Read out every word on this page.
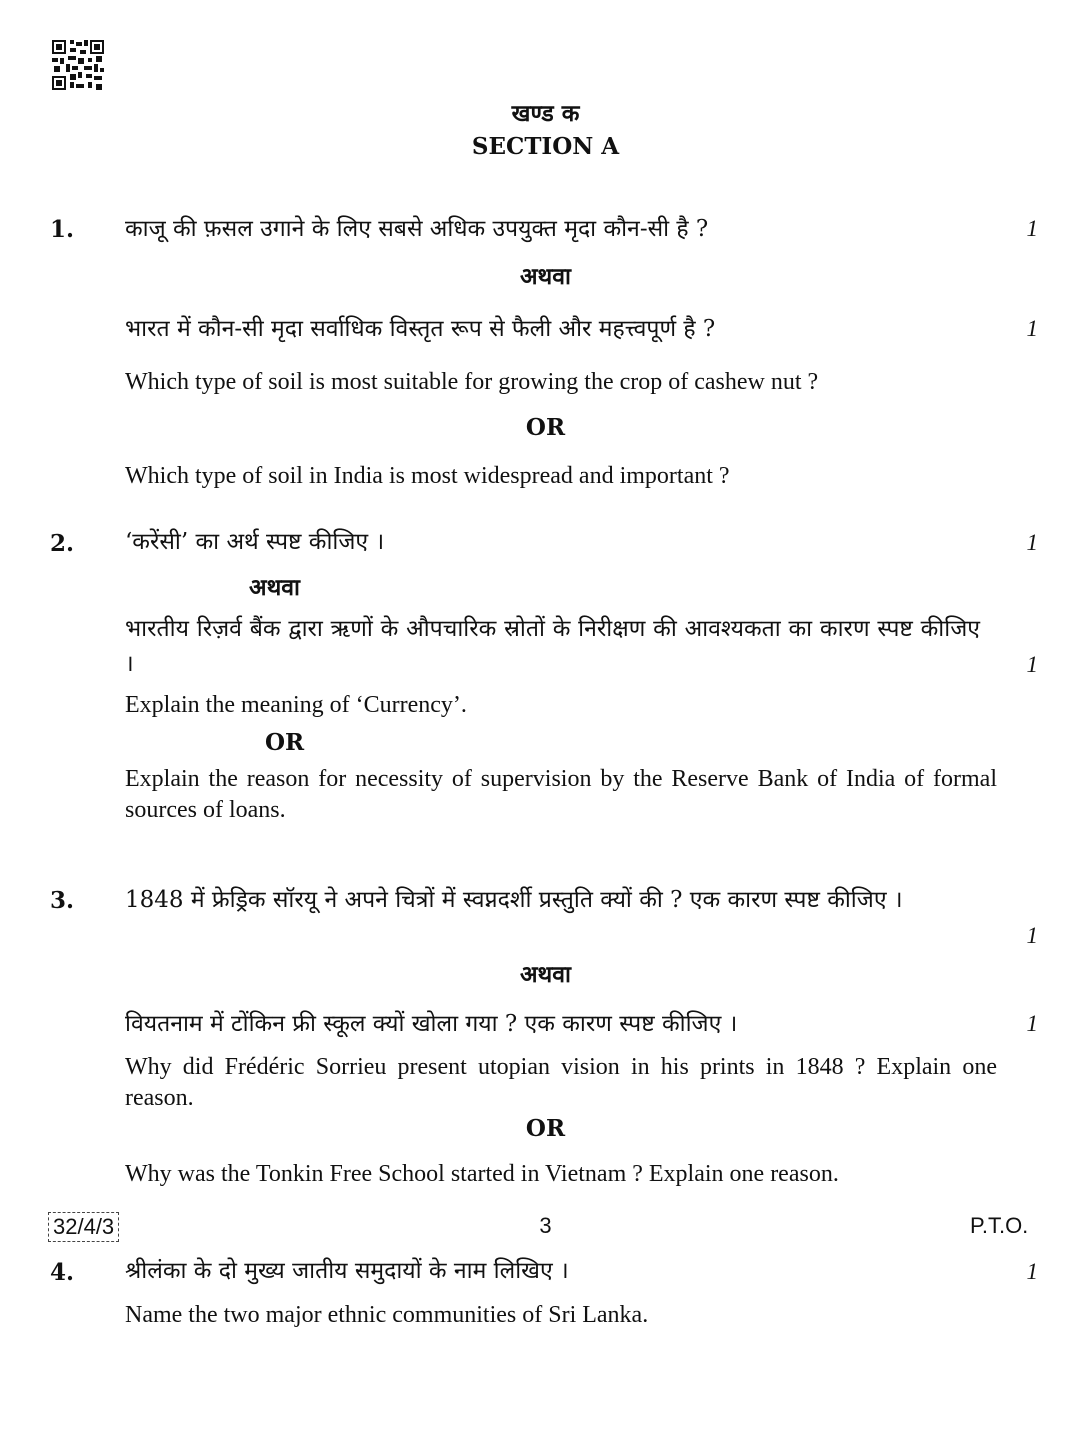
खण्ड क
SECTION A
1. काजू की फ़सल उगाने के लिए सबसे अधिक उपयुक्त मृदा कौन-सी है ?	1
अथवा
भारत में कौन-सी मृदा सर्वाधिक विस्तृत रूप से फैली और महत्त्वपूर्ण है ?	1
Which type of soil is most suitable for growing the crop of cashew nut ?
OR
Which type of soil in India is most widespread and important ?
2. ‘करेंसी’ का अर्थ स्पष्ट कीजिए ।	1
अथवा
भारतीय रिज़र्व बैंक द्वारा ऋणों के औपचारिक स्रोतों के निरीक्षण की आवश्यकता का कारण स्पष्ट कीजिए ।	1
Explain the meaning of ‘Currency’.
OR
Explain the reason for necessity of supervision by the Reserve Bank of India of formal sources of loans.
3. 1848 में फ्रेड्रिक सॉरयू ने अपने चित्रों में स्वप्नदर्शी प्रस्तुति क्यों की ? एक कारण स्पष्ट कीजिए ।
1
अथवा
वियतनाम में टोंकिन फ्री स्कूल क्यों खोला गया ? एक कारण स्पष्ट कीजिए ।	1
Why did Frédéric Sorrieu present utopian vision in his prints in 1848 ? Explain one reason.
OR
Why was the Tonkin Free School started in Vietnam ? Explain one reason.
4. श्रीलंका के दो मुख्य जातीय समुदायों के नाम लिखिए ।	1
Name the two major ethnic communities of Sri Lanka.
32/4/3	3	P.T.O.
